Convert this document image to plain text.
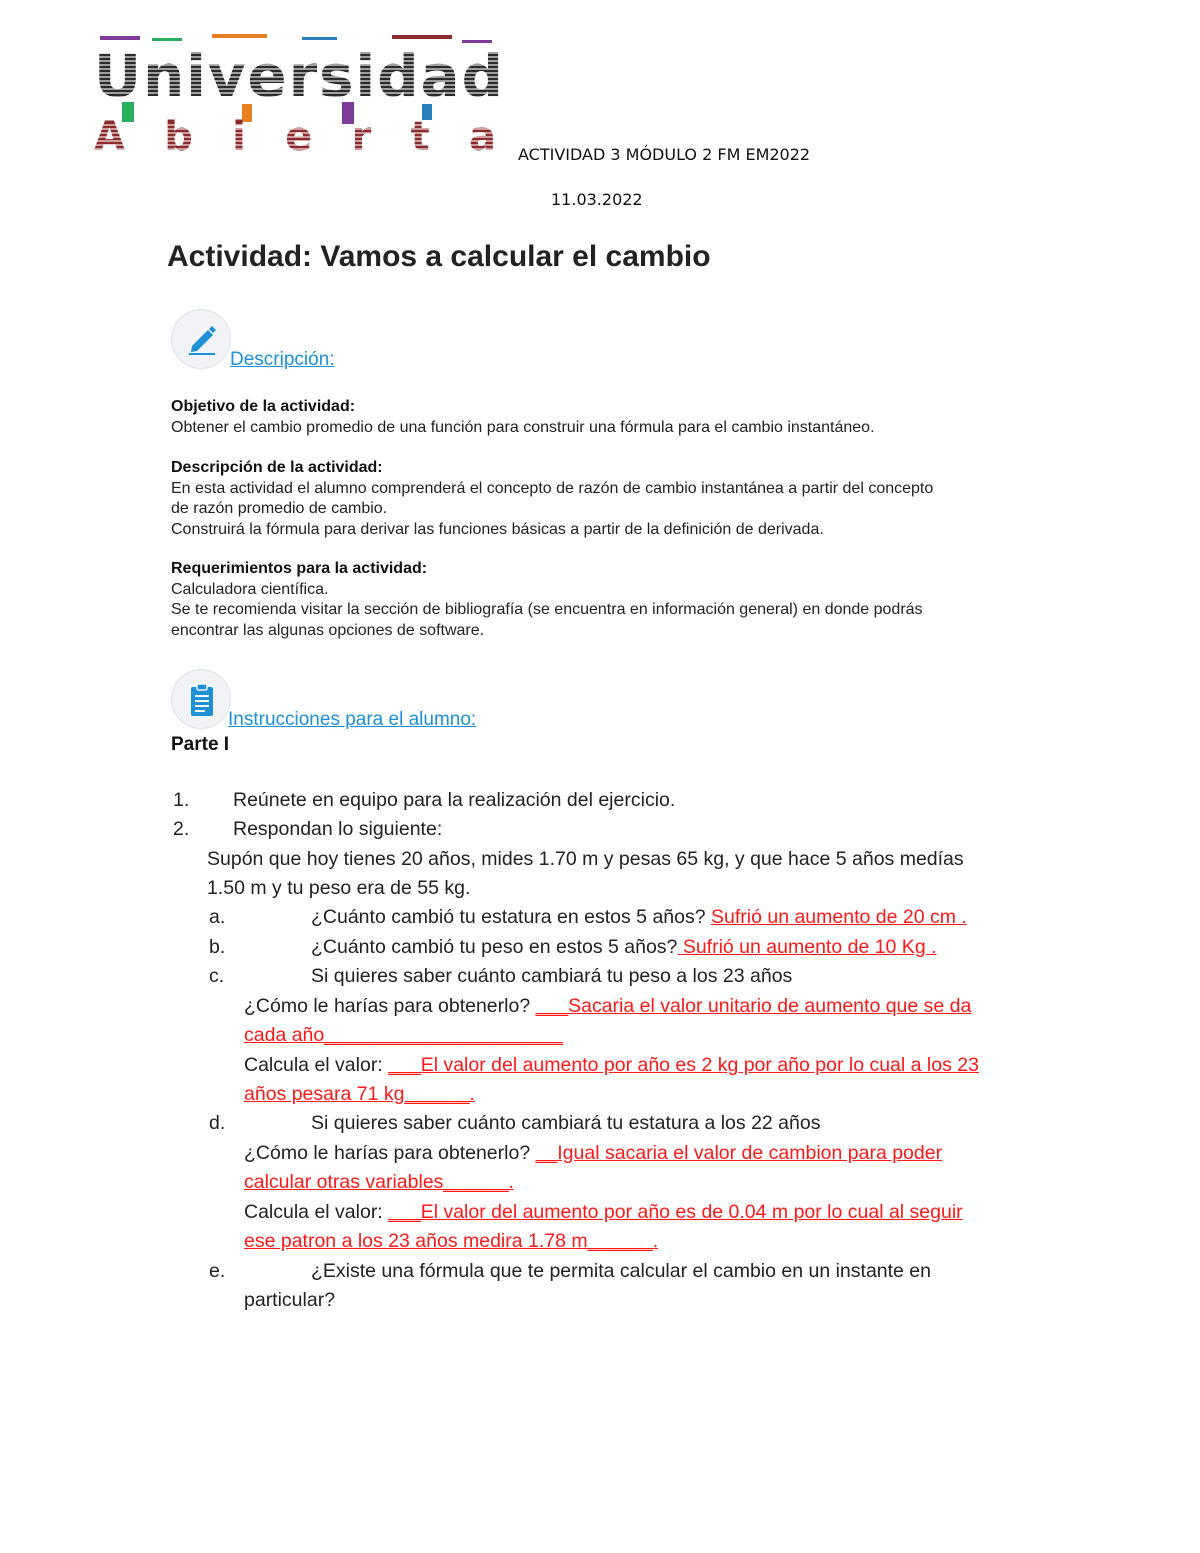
ACTIVIDAD 3 MÓDULO 2 FM EM2022
11.03.2022
Actividad: Vamos a calcular el cambio
Descripción:
Objetivo de la actividad:
Obtener el cambio promedio de una función para construir una fórmula para el cambio instantáneo.
Descripción de la actividad:
En esta actividad el alumno comprenderá el concepto de razón de cambio instantánea a partir del concepto
de razón promedio de cambio.
Construirá la fórmula para derivar las funciones básicas a partir de la definición de derivada.
Requerimientos para la actividad:
Calculadora científica.
Se te recomienda visitar la sección de bibliografía (se encuentra en información general) en donde podrás
encontrar las algunas opciones de software.
Instrucciones para el alumno:
Parte I
1. Reúnete en equipo para la realización del ejercicio.
2. Respondan lo siguiente:
Supón que hoy tienes 20 años, mides 1.70 m y pesas 65 kg, y que hace 5 años medías
1.50 m y tu peso era de 55 kg.
a.	¿Cuánto cambió tu estatura en estos 5 años? Sufrió un aumento de 20 cm .
b.	¿Cuánto cambió tu peso en estos 5 años? Sufrió un aumento de 10 Kg .
c.	Si quieres saber cuánto cambiará tu peso a los 23 años
¿Cómo le harías para obtenerlo? ___Sacaria el valor unitario de aumento que se da
cada año______________________
Calcula el valor: ___El valor del aumento por año es 2 kg por año por lo cual a los 23
años pesara 71 kg______.
d.	Si quieres saber cuánto cambiará tu estatura a los 22 años
¿Cómo le harías para obtenerlo? __Igual sacaria el valor de cambion para poder
calcular otras variables______.
Calcula el valor: ___El valor del aumento por año es de 0.04 m por lo cual al seguir
ese patron a los 23 años medira 1.78 m______.
e.	¿Existe una fórmula que te permita calcular el cambio en un instante en
particular?
